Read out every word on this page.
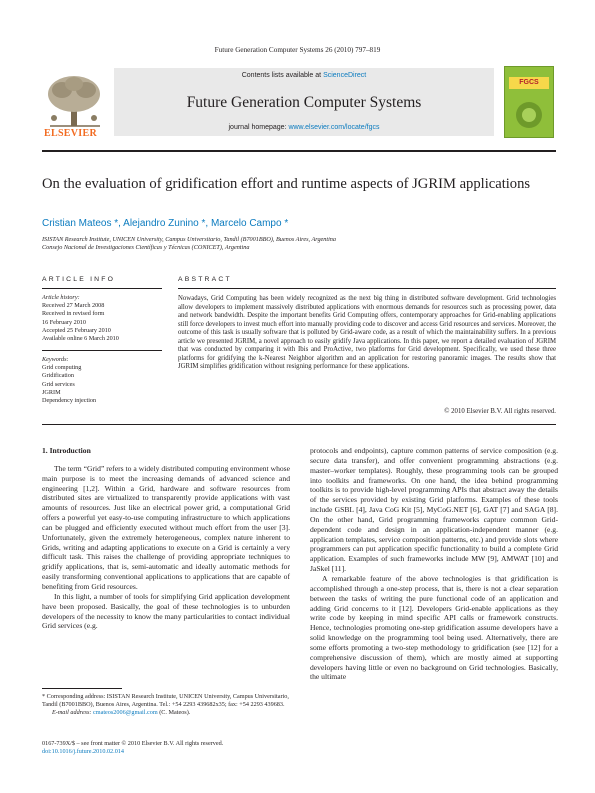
Future Generation Computer Systems 26 (2010) 797–819
ELSEVIER
Contents lists available at ScienceDirect
Future Generation Computer Systems
journal homepage: www.elsevier.com/locate/fgcs
FGCS
On the evaluation of gridification effort and runtime aspects of JGRIM applications
Cristian Mateos *, Alejandro Zunino *, Marcelo Campo *
ISISTAN Research Institute, UNICEN University, Campus Universitario, Tandil (B7001BBO), Buenos Aires, Argentina
Consejo Nacional de Investigaciones Científicas y Técnicas (CONICET), Argentina
ARTICLE INFO	ABSTRACT
Article history:
Received 27 March 2008
Received in revised form
16 February 2010
Accepted 25 February 2010
Available online 6 March 2010
Keywords:
Grid computing
Gridification
Grid services
JGRIM
Dependency injection
Nowadays, Grid Computing has been widely recognized as the next big thing in distributed software development. Grid technologies allow developers to implement massively distributed applications with enormous demands for resources such as processing power, data and network bandwidth. Despite the important benefits Grid Computing offers, contemporary approaches for Grid-enabling applications still force developers to invest much effort into manually providing code to discover and access Grid resources and services. Moreover, the outcome of this task is usually software that is polluted by Grid-aware code, as a result of which the maintainability suffers. In a previous article we presented JGRIM, a novel approach to easily gridify Java applications. In this paper, we report a detailed evaluation of JGRIM that was conducted by comparing it with Ibis and ProActive, two platforms for Grid development. Specifically, we used these three platforms for gridifying the k-Nearest Neighbor algorithm and an application for restoring panoramic images. The results show that JGRIM simplifies gridification without resigning performance for these applications.
© 2010 Elsevier B.V. All rights reserved.
1. Introduction

The term “Grid” refers to a widely distributed computing environment whose main purpose is to meet the increasing demands of advanced science and engineering [1,2]. Within a Grid, hardware and software resources from distributed sites are virtualized to transparently provide applications with vast amounts of resources. Just like an electrical power grid, a computational Grid offers a powerful yet easy-to-use computing infrastructure to which applications can be plugged and efficiently executed without much effort from the user [3]. Unfortunately, given the extremely heterogeneous, complex nature inherent to Grids, writing and adapting applications to execute on a Grid is certainly a very difficult task. This raises the challenge of providing appropriate techniques to gridify applications, that is, semi-automatic and ideally automatic methods for easily transforming conventional applications to applications that are capable of benefiting from Grid resources.

In this light, a number of tools for simplifying Grid application development have been proposed. Basically, the goal of these technologies is to unburden developers of the necessity to know the many particularities to contact individual Grid services (e.g.

protocols and endpoints), capture common patterns of service composition (e.g. secure data transfer), and offer convenient programming abstractions (e.g. master–worker templates). Roughly, these programming tools can be grouped into toolkits and frameworks. On one hand, the idea behind programming toolkits is to provide high-level programming APIs that abstract away the details of the services provided by existing Grid platforms. Examples of these tools include GSBL [4], Java CoG Kit [5], MyCoG.NET [6], GAT [7] and SAGA [8]. On the other hand, Grid programming frameworks capture common Grid-dependent code and design in an application-independent manner (e.g. application templates, service composition patterns, etc.) and provide slots where programmers can put application specific functionality to build a complete Grid application. Examples of such frameworks include MW [9], AMWAT [10] and JaSkel [11].

A remarkable feature of the above technologies is that gridification is accomplished through a one-step process, that is, there is not a clear separation between the tasks of writing the pure functional code of an application and adding Grid concerns to it [12]. Developers Grid-enable applications as they write code by keeping in mind specific API calls or framework constructs. Hence, technologies promoting one-step gridification assume developers have a solid knowledge on the programming tool being used. Alternatively, there are some efforts promoting a two-step methodology to gridification (see [12] for a comprehensive discussion of them), which are mostly aimed at supporting developers having little or even no background on Grid technologies. Basically, the ultimate

* Corresponding address: ISISTAN Research Institute, UNICEN University, Campus Universitario, Tandil (B7001BBO), Buenos Aires, Argentina. Tel.: +54 2293 439682x35; fax: +54 2293 439683.
E-mail address: cmateos2006@gmail.com (C. Mateos).
0167-739X/$ – see front matter © 2010 Elsevier B.V. All rights reserved.
doi:10.1016/j.future.2010.02.014
